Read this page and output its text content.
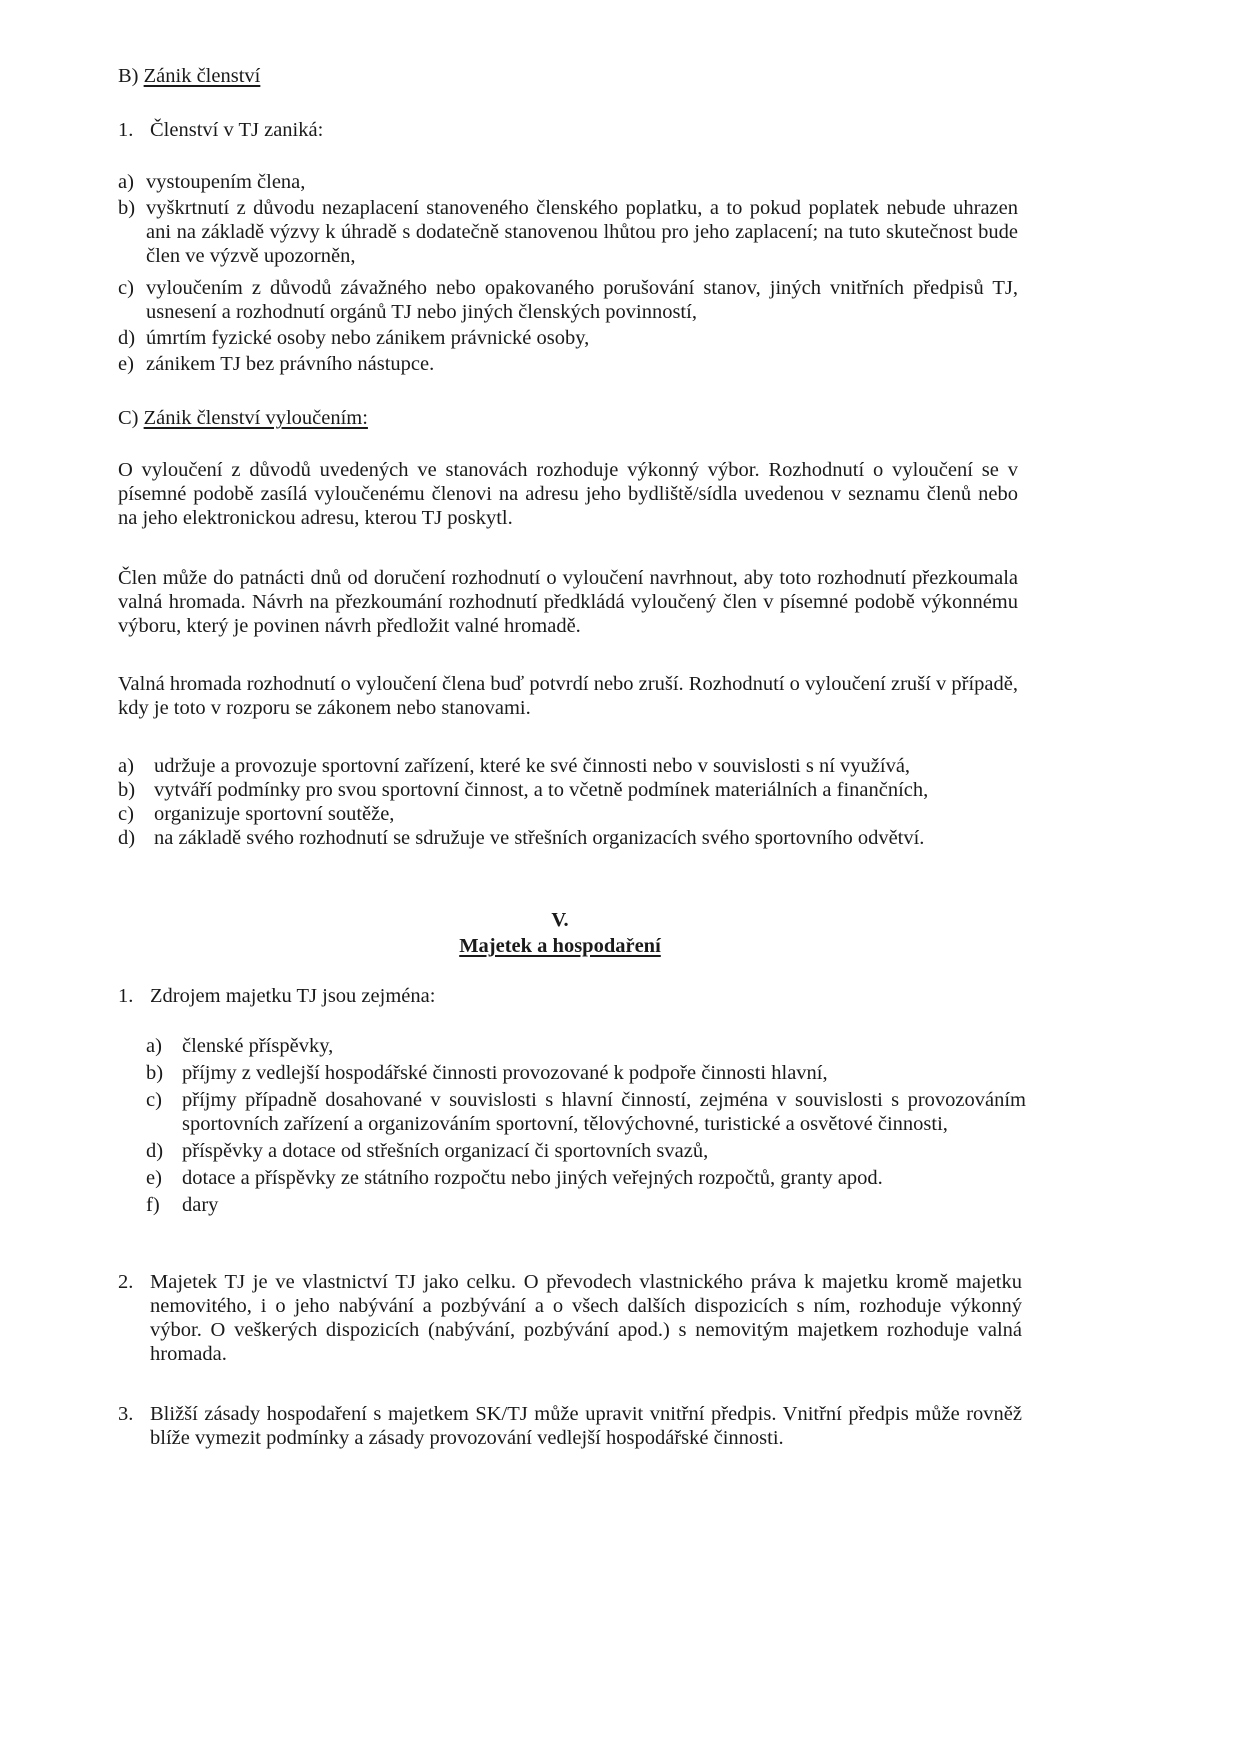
B) Zánik členství

1. Členství v TJ zaniká:

a) vystoupením člena,
b) vyškrtnutí z důvodu nezaplacení stanoveného členského poplatku, a to pokud poplatek nebude uhrazen ani na základě výzvy k úhradě s dodatečně stanovenou lhůtou pro jeho zaplacení; na tuto skutečnost bude člen ve výzvě upozorněn,
c) vyloučením z důvodů závažného nebo opakovaného porušování stanov, jiných vnitřních předpisů TJ, usnesení a rozhodnutí orgánů TJ nebo jiných členských povinností,
d) úmrtím fyzické osoby nebo zánikem právnické osoby,
e) zánikem TJ bez právního nástupce.

C) Zánik členství vyloučením:

O vyloučení z důvodů uvedených ve stanovách rozhoduje výkonný výbor. Rozhodnutí o vyloučení se v písemné podobě zasílá vyloučenému členovi na adresu jeho bydliště/sídla uvedenou v seznamu členů nebo na jeho elektronickou adresu, kterou TJ poskytl.

Člen může do patnácti dnů od doručení rozhodnutí o vyloučení navrhnout, aby toto rozhodnutí přezkoumala valná hromada. Návrh na přezkoumání rozhodnutí předkládá vyloučený člen v písemné podobě výkonnému výboru, který je povinen návrh předložit valné hromadě.

Valná hromada rozhodnutí o vyloučení člena buď potvrdí nebo zruší. Rozhodnutí o vyloučení zruší v případě, kdy je toto v rozporu se zákonem nebo stanovami.

a) udržuje a provozuje sportovní zařízení, které ke své činnosti nebo v souvislosti s ní využívá,
b) vytváří podmínky pro svou sportovní činnost, a to včetně podmínek materiálních a finančních,
c) organizuje sportovní soutěže,
d) na základě svého rozhodnutí se sdružuje ve střešních organizacích svého sportovního odvětví.
V.
Majetek a hospodaření

1. Zdrojem majetku TJ jsou zejména:

a) členské příspěvky,
b) příjmy z vedlejší hospodářské činnosti provozované k podpoře činnosti hlavní,
c) příjmy případně dosahované v souvislosti s hlavní činností, zejména v souvislosti s provozováním sportovních zařízení a organizováním sportovní, tělovýchovné, turistické a osvětové činnosti,
d) příspěvky a dotace od střešních organizací či sportovních svazů,
e) dotace a příspěvky ze státního rozpočtu nebo jiných veřejných rozpočtů, granty apod.
f) dary
2. Majetek TJ je ve vlastnictví TJ jako celku. O převodech vlastnického práva k majetku kromě majetku nemovitého, i o jeho nabývání a pozbývání a o všech dalších dispozicích s ním, rozhoduje výkonný výbor. O veškerých dispozicích (nabývání, pozbývání apod.) s nemovitým majetkem rozhoduje valná hromada.
3. Bližší zásady hospodaření s majetkem SK/TJ může upravit vnitřní předpis. Vnitřní předpis může rovněž blíže vymezit podmínky a zásady provozování vedlejší hospodářské činnosti.
